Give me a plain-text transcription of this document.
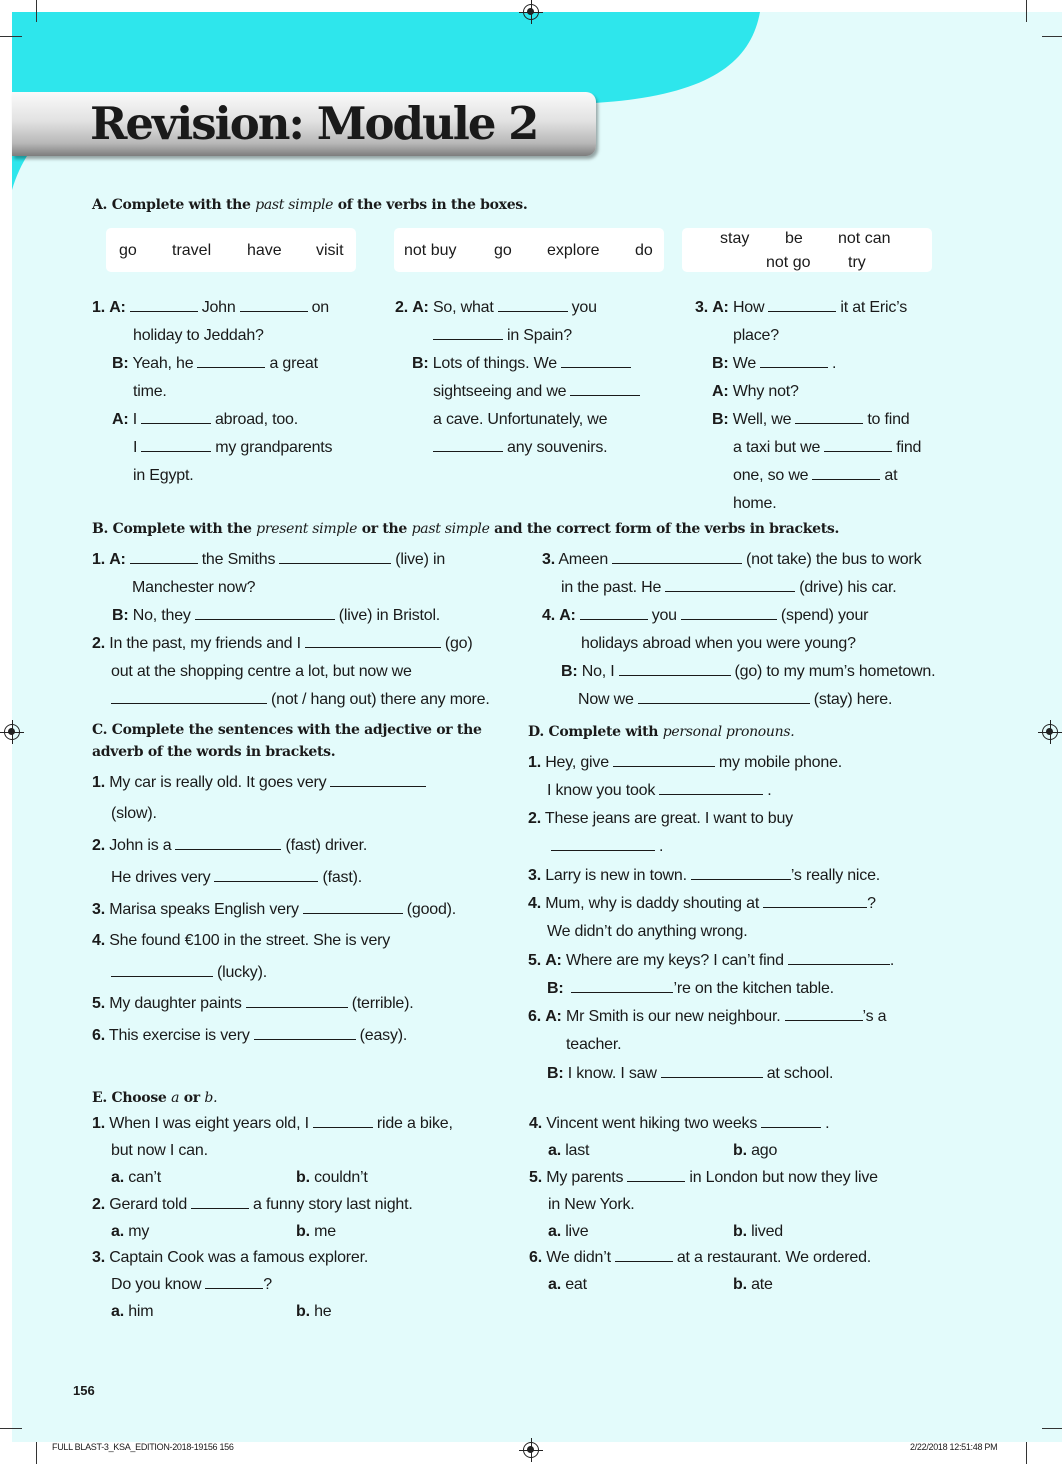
Revision: Module 2
A. Complete with the past simple of the verbs in the boxes.
go travel have visit	not buy go explore do
stay be not can
not go try
1. A:	John	on
holiday to Jeddah?
B: Yeah, he	a great
time.
A: I	abroad, too.
I	my grandparents
in Egypt.
2. A: So, what	you
in Spain?
B: Lots of things. We
sightseeing and we
a cave. Unfortunately, we
any souvenirs.
3. A: How	it at Eric’s
place?
B: We	.
A: Why not?
B: Well, we	to find
a taxi but we	find
one, so we	at
home.
B. Complete with the present simple or the past simple and the correct form of the verbs in brackets.
1. A:	the Smiths	(live) in
Manchester now?
B: No, they	(live) in Bristol.
2. In the past, my friends and I	(go)
out at the shopping centre a lot, but now we
(not / hang out) there any more.
3. Ameen	(not take) the bus to work
in the past. He	(drive) his car.
4. A:	you	(spend) your
holidays abroad when you were young?
B: No, I	(go) to my mum’s hometown.
Now we	(stay) here.
C. Complete the sentences with the adjective or the
adverb of the words in brackets.
1. My car is really old. It goes very
(slow).
2. John is a	(fast) driver.
He drives very	(fast).
3. Marisa speaks English very	(good).
4. She found €100 in the street. She is very
(lucky).
5. My daughter paints	(terrible).
6. This exercise is very	(easy).
D. Complete with personal pronouns.
1. Hey, give	my mobile phone.
I know you took	.
2. These jeans are great. I want to buy
.
3. Larry is new in town.	’s really nice.
4. Mum, why is daddy shouting at	?
We didn’t do anything wrong.
5. A: Where are my keys? I can’t find	.
B:	’re on the kitchen table.
6. A: Mr Smith is our new neighbour.	’s a
teacher.
B: I know. I saw	at school.
E. Choose a or b.
1. When I was eight years old, I	ride a bike,
but now I can.
a. can’t	b. couldn’t
2. Gerard told	a funny story last night.
a. my	b. me
3. Captain Cook was a famous explorer.
Do you know	?
a. him	b. he
4. Vincent went hiking two weeks	.
a. last	b. ago
5. My parents	in London but now they live
in New York.
a. live	b. lived
6. We didn’t	at a restaurant. We ordered.
a. eat	b. ate
156
FULL BLAST-3_KSA_EDITION-2018-19156 156	2/22/2018 12:51:48 PM
